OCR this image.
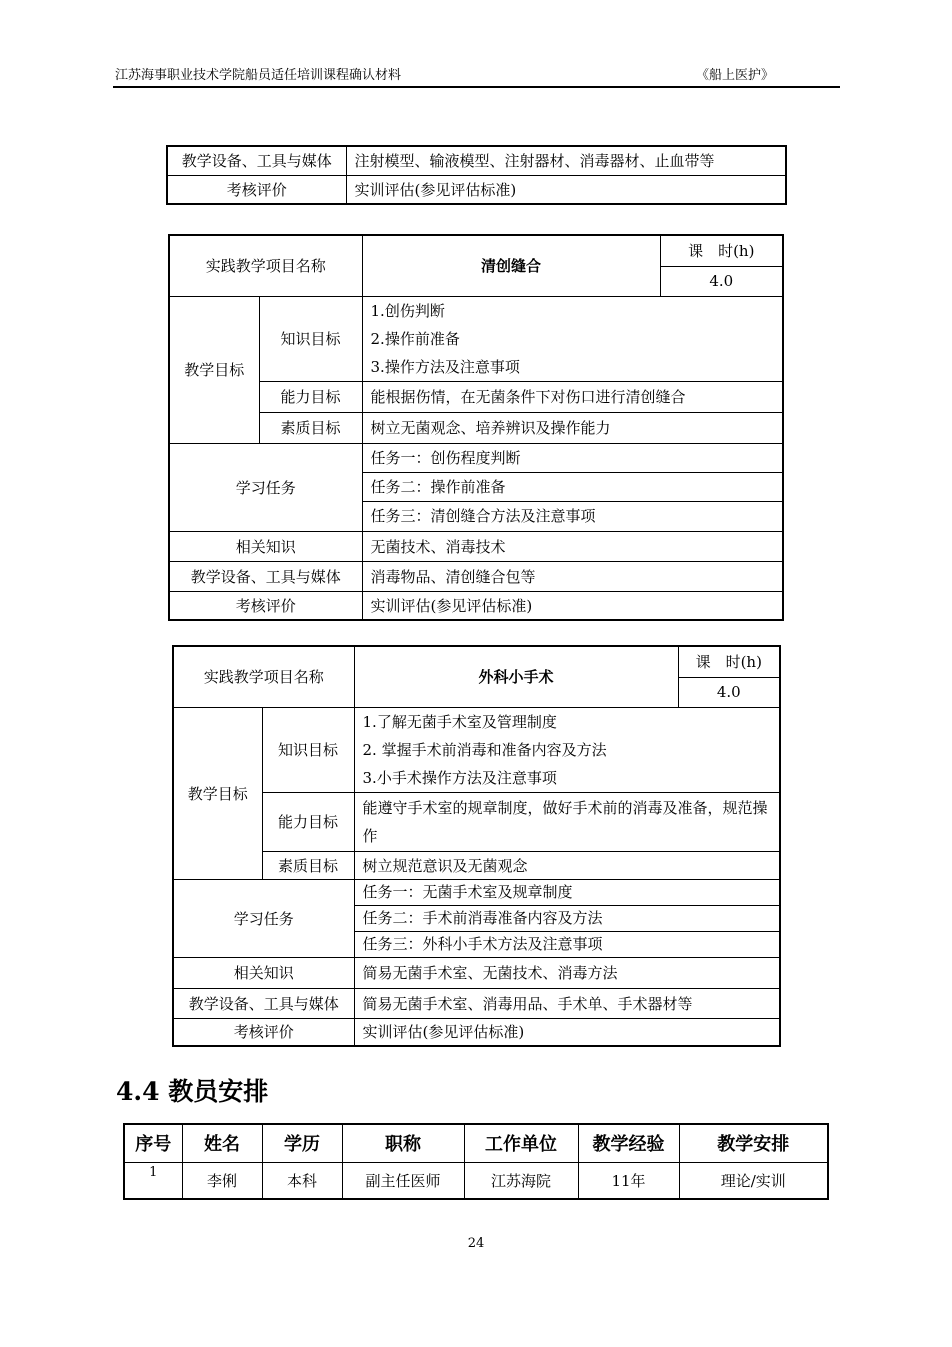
江苏海事职业技术学院船员适任培训课程确认材料	《船上医护》
教学设备、工具与媒体	注射模型、输液模型、注射器材、消毒器材、止血带等
考核评价	实训评估(参见评估标准)
实践教学项目名称		清创缝合	课　时(h)
			4.0
教学目标	知识目标	1.创伤判断
2.操作前准备
3.操作方法及注意事项	

	能力目标	能根据伤情，在无菌条件下对伤口进行清创缝合	
	素质目标	树立无菌观念、培养辨识及操作能力	
学习任务		任务一：创伤程度判断
任务二：操作前准备
任务三：清创缝合方法及注意事项	

相关知识		无菌技术、消毒技术	
教学设备、工具与媒体		消毒物品、清创缝合包等	
考核评价		实训评估(参见评估标准)	
实践教学项目名称		外科小手术	课　时(h)
			4.0
教学目标	知识目标	1.了解无菌手术室及管理制度
2. 掌握手术前消毒和准备内容及方法
3.小手术操作方法及注意事项	

	能力目标	能遵守手术室的规章制度，做好手术前的消毒及准备，规范操作	
	素质目标	树立规范意识及无菌观念	
学习任务		任务一：无菌手术室及规章制度
任务二：手术前消毒准备内容及方法
任务三：外科小手术方法及注意事项	

相关知识		简易无菌手术室、无菌技术、消毒方法	
教学设备、工具与媒体		简易无菌手术室、消毒用品、手术单、手术器材等	
考核评价		实训评估(参见评估标准)	
4.4 教员安排
序号	姓名	学历	职称	工作单位	教学经验	教学安排
1	李俐	本科	副主任医师	江苏海院	11年	理论/实训
24
